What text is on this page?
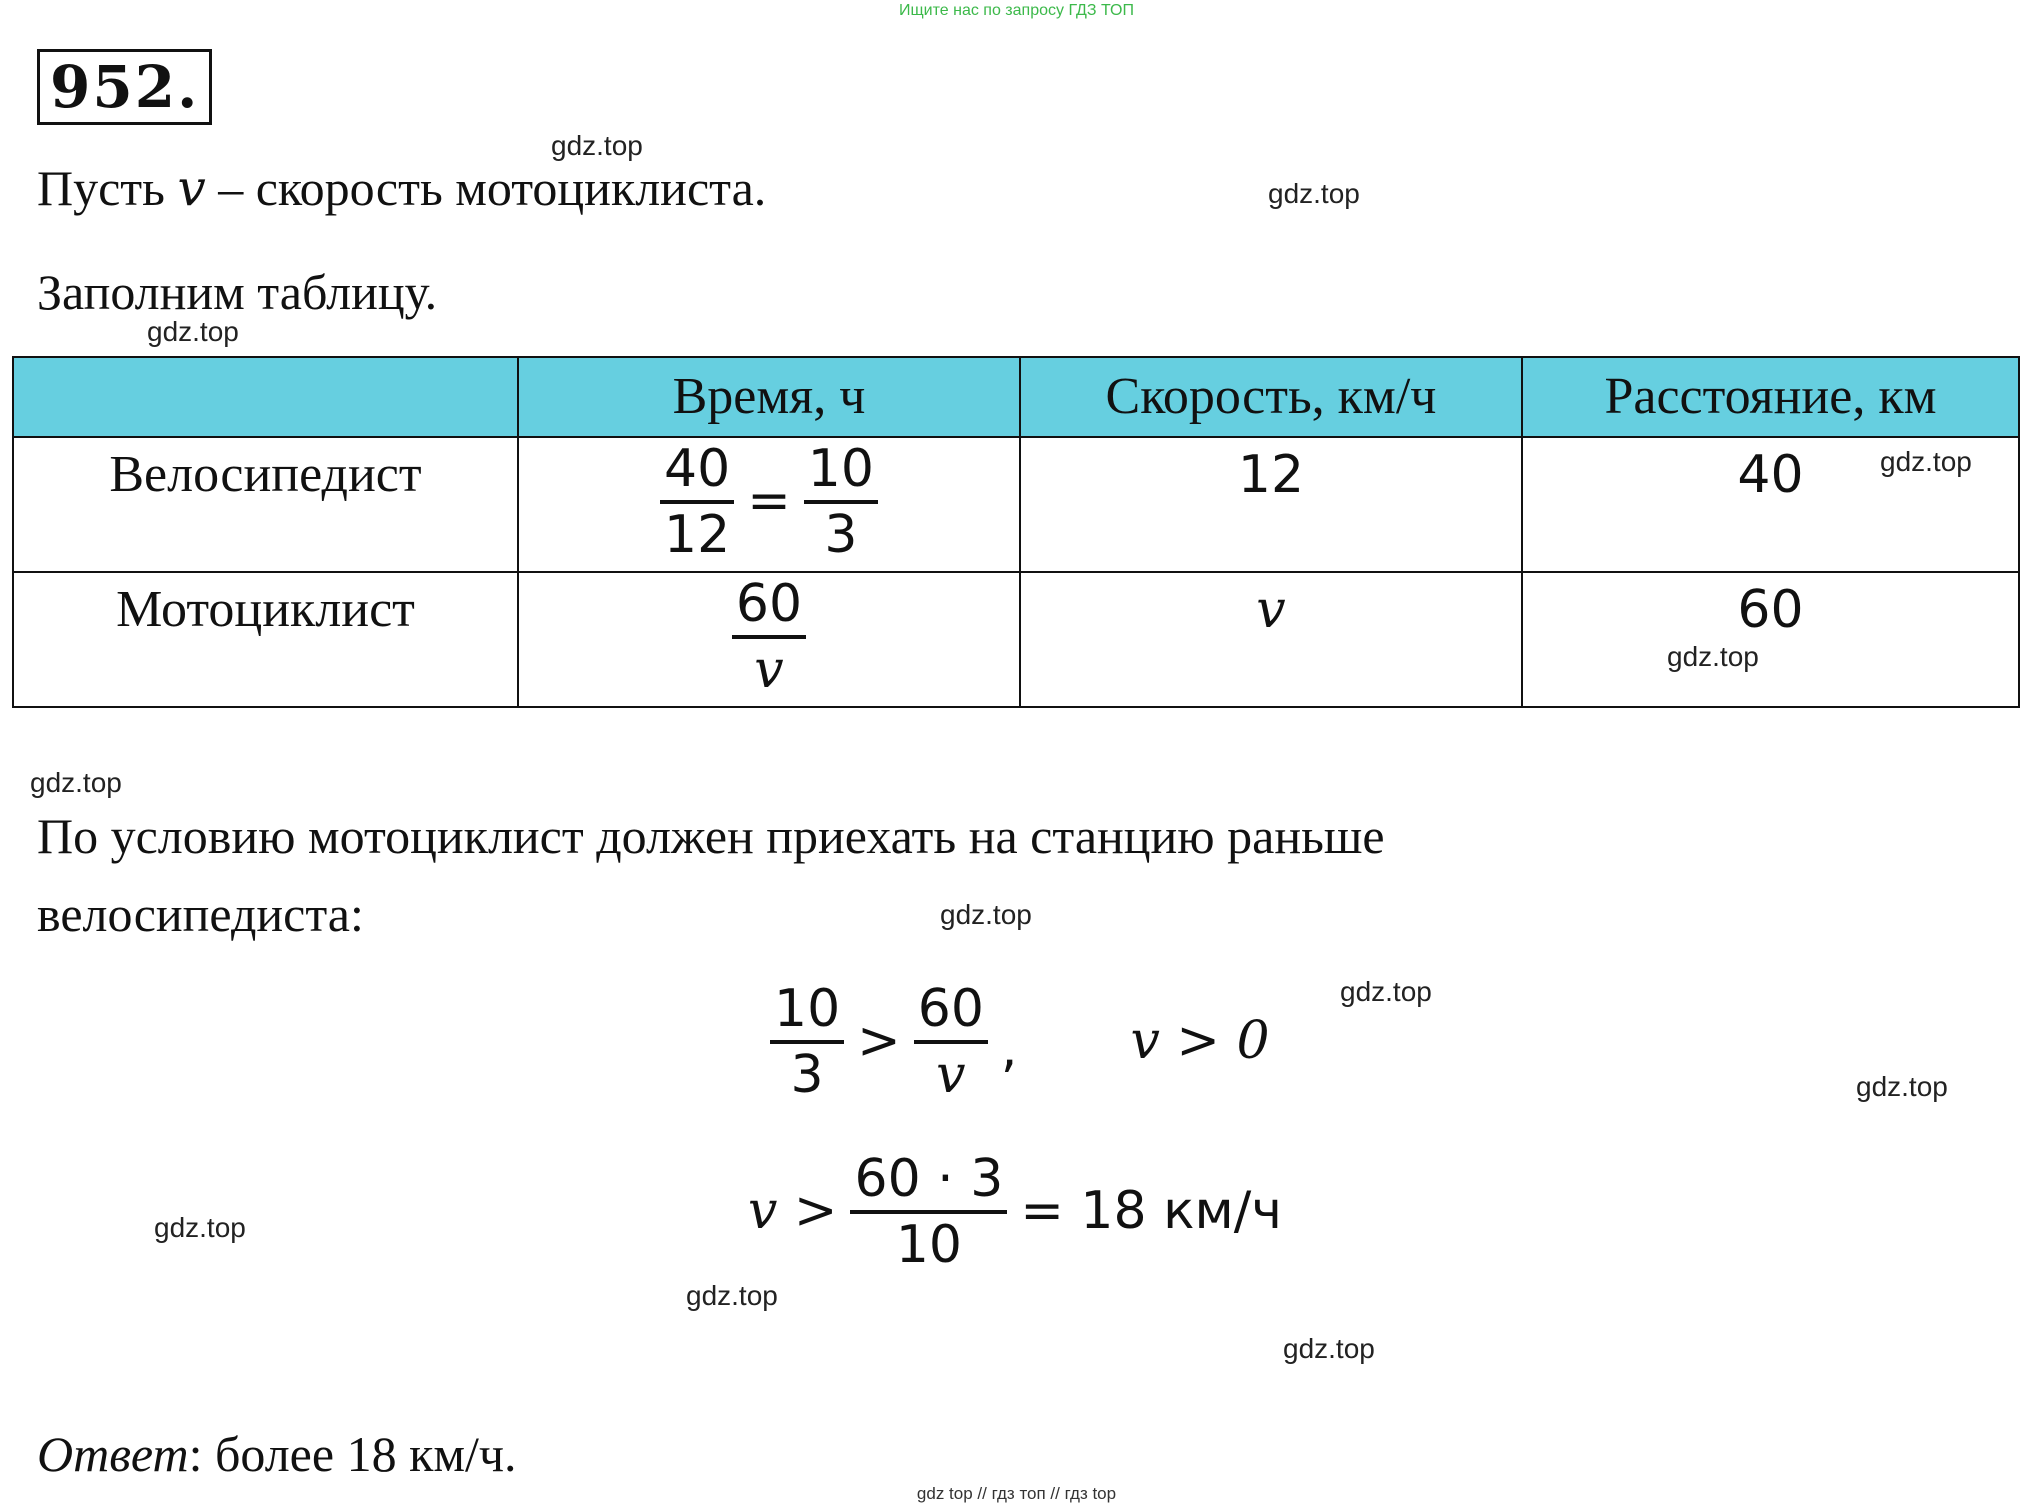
Ищите нас по запросу ГДЗ ТОП
952.
Пусть v – скорость мотоциклиста.
Заполним таблицу.
	Время, ч	Скорость, км/ч	Расстояние, км
Велосипедист	$\frac{40}{12} = \frac{10}{3}$	12	40
Мотоциклист	$\frac{60}{v}$	v	60
По условию мотоциклист должен приехать на станцию раньше
велосипедиста:
$\frac{10}{3} > \frac{60}{v}$ , v > 0
$v > \frac{60 \cdot 3}{10} = 18$ км/ч
Ответ: более 18 км/ч.
gdz.top
gdz.top
gdz.top
gdz.top
gdz.top
gdz.top
gdz.top
gdz.top
gdz.top
gdz.top
gdz.top
gdz.top
gdz top // гдз топ // гдз top
